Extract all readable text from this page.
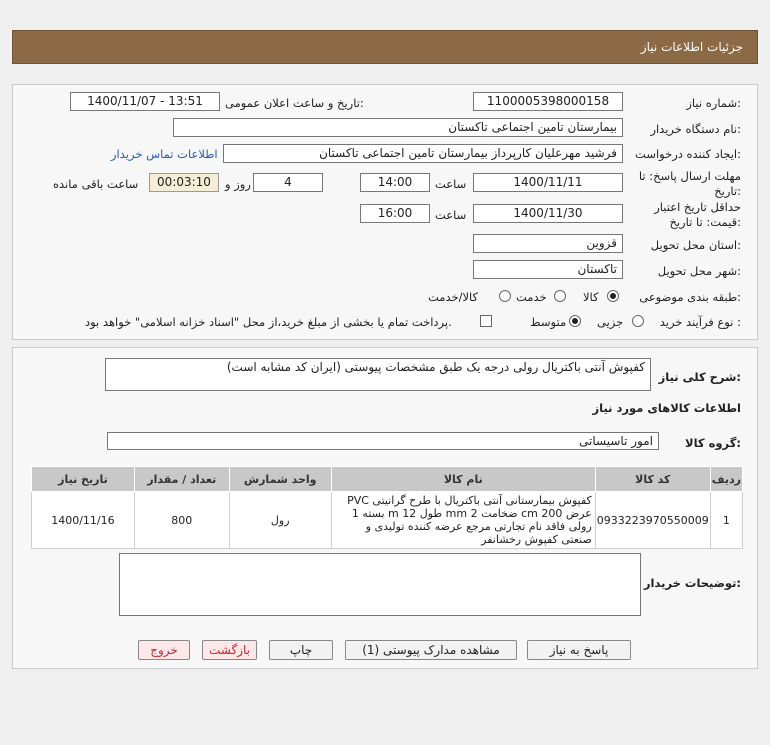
جزئیات اطلاعات نیاز
شماره نیاز:
1100005398000158
تاریخ و ساعت اعلان عمومی:
1400/11/07 - 13:51
نام دستگاه خریدار:
بیمارستان تامین اجتماعی تاکستان
ایجاد کننده درخواست:
فرشید مهرعلیان کارپرداز بیمارستان تامین اجتماعی تاکستان
اطلاعات تماس خریدار
مهلت ارسال پاسخ: تا
تاریخ:
1400/11/11
ساعت
14:00
4
روز و
00:03:10
ساعت باقی مانده
حداقل تاریخ اعتبار
قیمت: تا تاریخ:
1400/11/30
ساعت
16:00
استان محل تحویل:
قزوین
شهر محل تحویل:
تاکستان
طبقه بندی موضوعی:
کالا
خدمت
کالا/خدمت
نوع فرآیند خرید :
جزیی
متوسط
پرداخت تمام یا بخشی از مبلغ خرید،از محل "اسناد خزانه اسلامی" خواهد بود.
شرح کلی نیاز:
کفپوش آنتی باکتریال رولی درجه یک طبق مشخصات پیوستی (ایران کد مشابه است)
اطلاعات کالاهای مورد نیاز
گروه کالا:
امور تاسیساتی
ردیف	کد کالا	نام کالا	واحد شمارش	تعداد / مقدار	تاریخ نیاز
1	0933223970550009	کفپوش بیمارستانی آنتی باکتریال با طرح گرانیتی PVC عرض 200 cm ضخامت 2 mm طول 12 m بسته 1 رولی فاقد نام تجارتی مرجع عرضه کننده تولیدی و صنعتی کفپوش رخشانفر	رول	800	1400/11/16
توضیحات خریدار:
پاسخ به نیاز
مشاهده مدارک پیوستی (1)
چاپ
بازگشت
خروج
